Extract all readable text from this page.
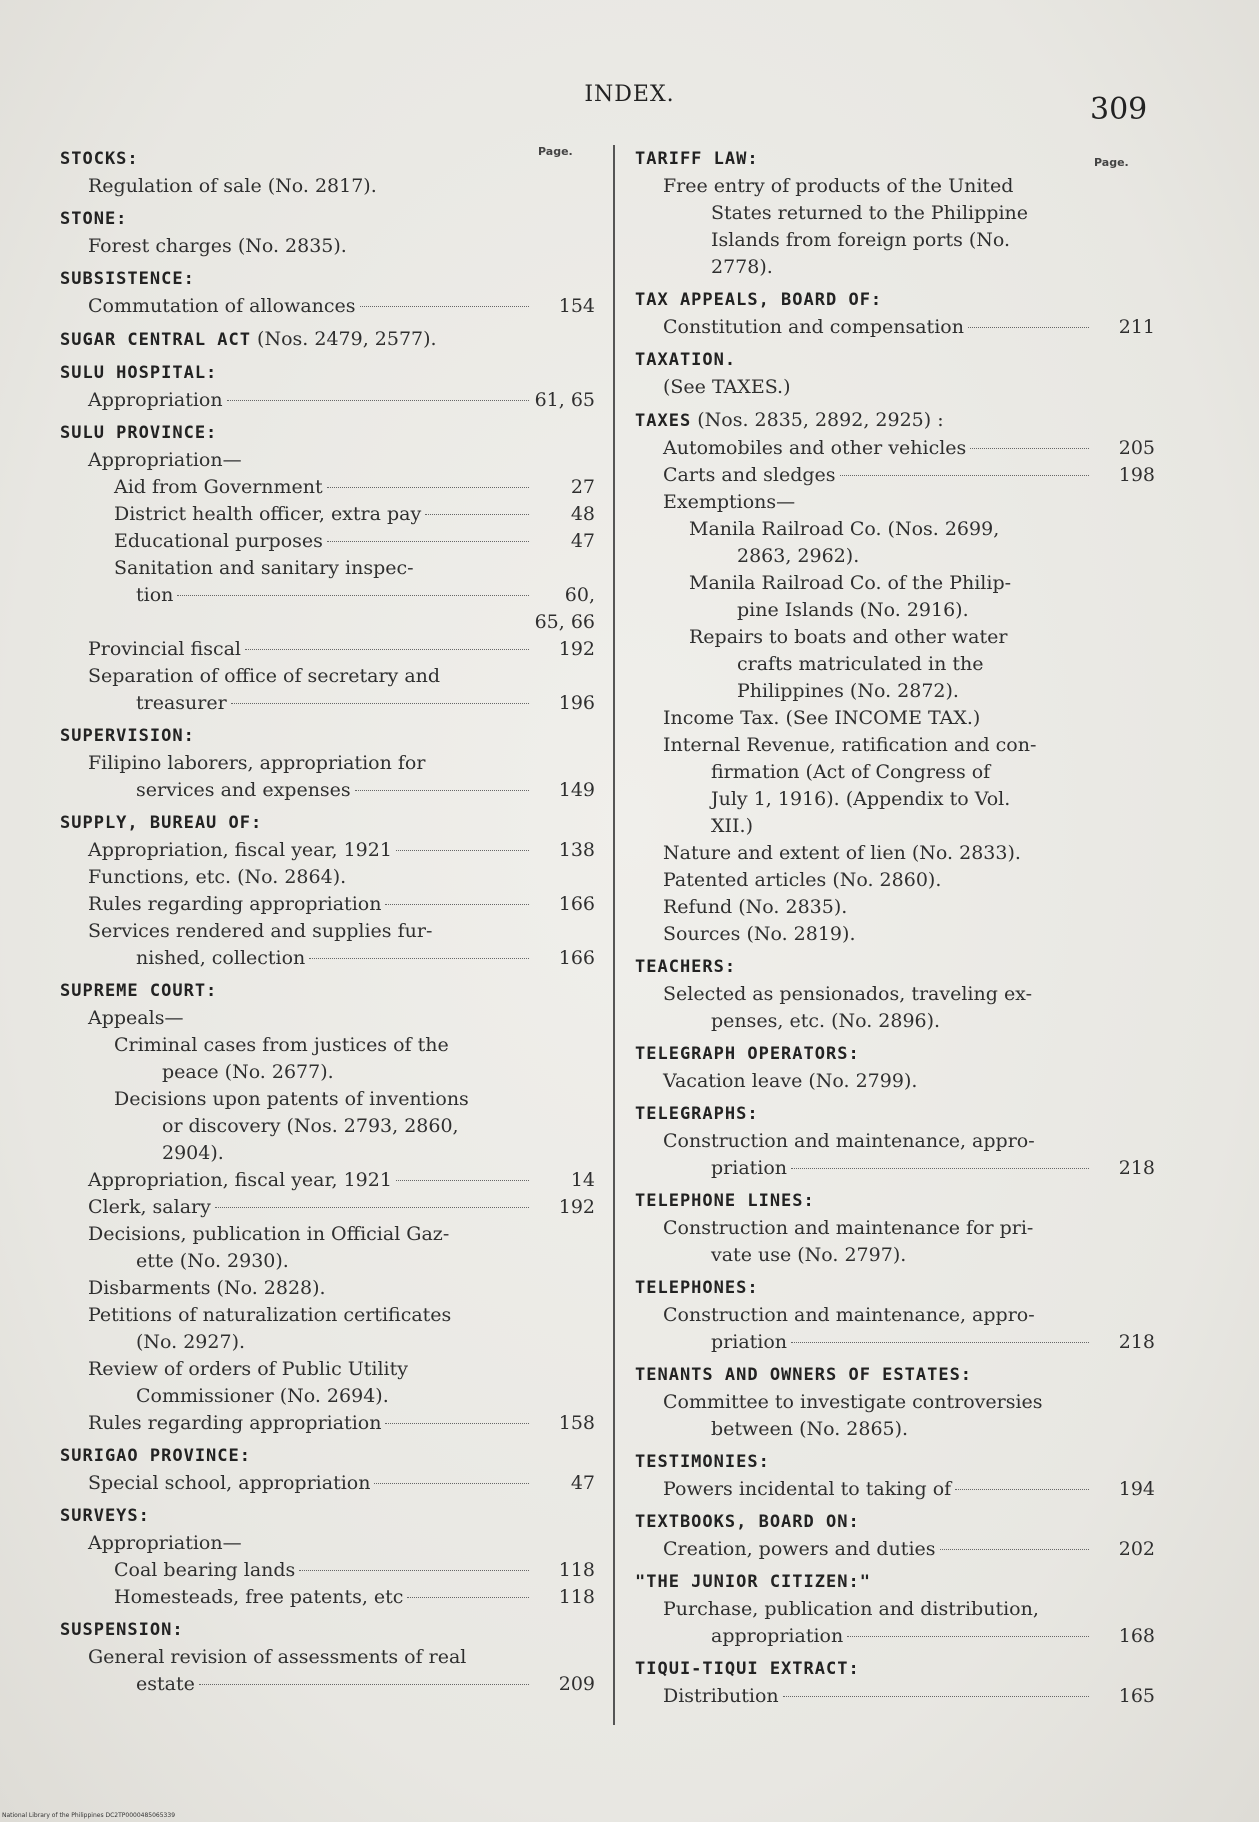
INDEX.	309
Page.
Page.
STOCKS:
Regulation of sale (No. 2817).
STONE:
Forest charges (No. 2835).
SUBSISTENCE:
Commutation of allowances	154
SUGAR CENTRAL ACT
(Nos. 2479, 2577).
SULU HOSPITAL:
Appropriation	61, 65
SULU PROVINCE:
Appropriation—
Aid from Government	27
District health officer, extra pay	48
Educational purposes	47
Sanitation and sanitary inspec-
tion	60, 65, 66
Provincial fiscal	192
Separation of office of secretary and
treasurer	196
SUPERVISION:
Filipino laborers, appropriation for
services and expenses	149
SUPPLY, BUREAU OF:
Appropriation, fiscal year, 1921	138
Functions, etc. (No. 2864).
Rules regarding appropriation	166
Services rendered and supplies fur-
nished, collection	166
SUPREME COURT:
Appeals—
Criminal cases from justices of the
peace (No. 2677).
Decisions upon patents of inventions
or discovery (Nos. 2793, 2860,
2904).
Appropriation, fiscal year, 1921	14
Clerk, salary	192
Decisions, publication in Official Gaz-
ette (No. 2930).
Disbarments (No. 2828).
Petitions of naturalization certificates
(No. 2927).
Review of orders of Public Utility
Commissioner (No. 2694).
Rules regarding appropriation	158
SURIGAO PROVINCE:
Special school, appropriation	47
SURVEYS:
Appropriation—
Coal bearing lands	118
Homesteads, free patents, etc	118
SUSPENSION:
General revision of assessments of real
estate	209
TARIFF LAW:
Free entry of products of the United
States returned to the Philippine
Islands from foreign ports (No.
2778).
TAX APPEALS, BOARD OF:
Constitution and compensation	211
TAXATION.
(See TAXES.)
TAXES
(Nos. 2835, 2892, 2925) :
Automobiles and other vehicles	205
Carts and sledges	198
Exemptions—
Manila Railroad Co. (Nos. 2699,
2863, 2962).
Manila Railroad Co. of the Philip-
pine Islands (No. 2916).
Repairs to boats and other water
crafts matriculated in the
Philippines (No. 2872).
Income Tax. (See INCOME TAX.)
Internal Revenue, ratification and con-
firmation (Act of Congress of
July 1, 1916). (Appendix to Vol.
XII.)
Nature and extent of lien (No. 2833).
Patented articles (No. 2860).
Refund (No. 2835).
Sources (No. 2819).
TEACHERS:
Selected as pensionados, traveling ex-
penses, etc. (No. 2896).
TELEGRAPH OPERATORS:
Vacation leave (No. 2799).
TELEGRAPHS:
Construction and maintenance, appro-
priation	218
TELEPHONE LINES:
Construction and maintenance for pri-
vate use (No. 2797).
TELEPHONES:
Construction and maintenance, appro-
priation	218
TENANTS AND OWNERS OF ESTATES:
Committee to investigate controversies
between (No. 2865).
TESTIMONIES:
Powers incidental to taking of	194
TEXTBOOKS, BOARD ON:
Creation, powers and duties	202
"THE JUNIOR CITIZEN:"
Purchase, publication and distribution,
appropriation	168
TIQUI-TIQUI EXTRACT:
Distribution	165
National Library of the Philippines DC2TP0000485065339
